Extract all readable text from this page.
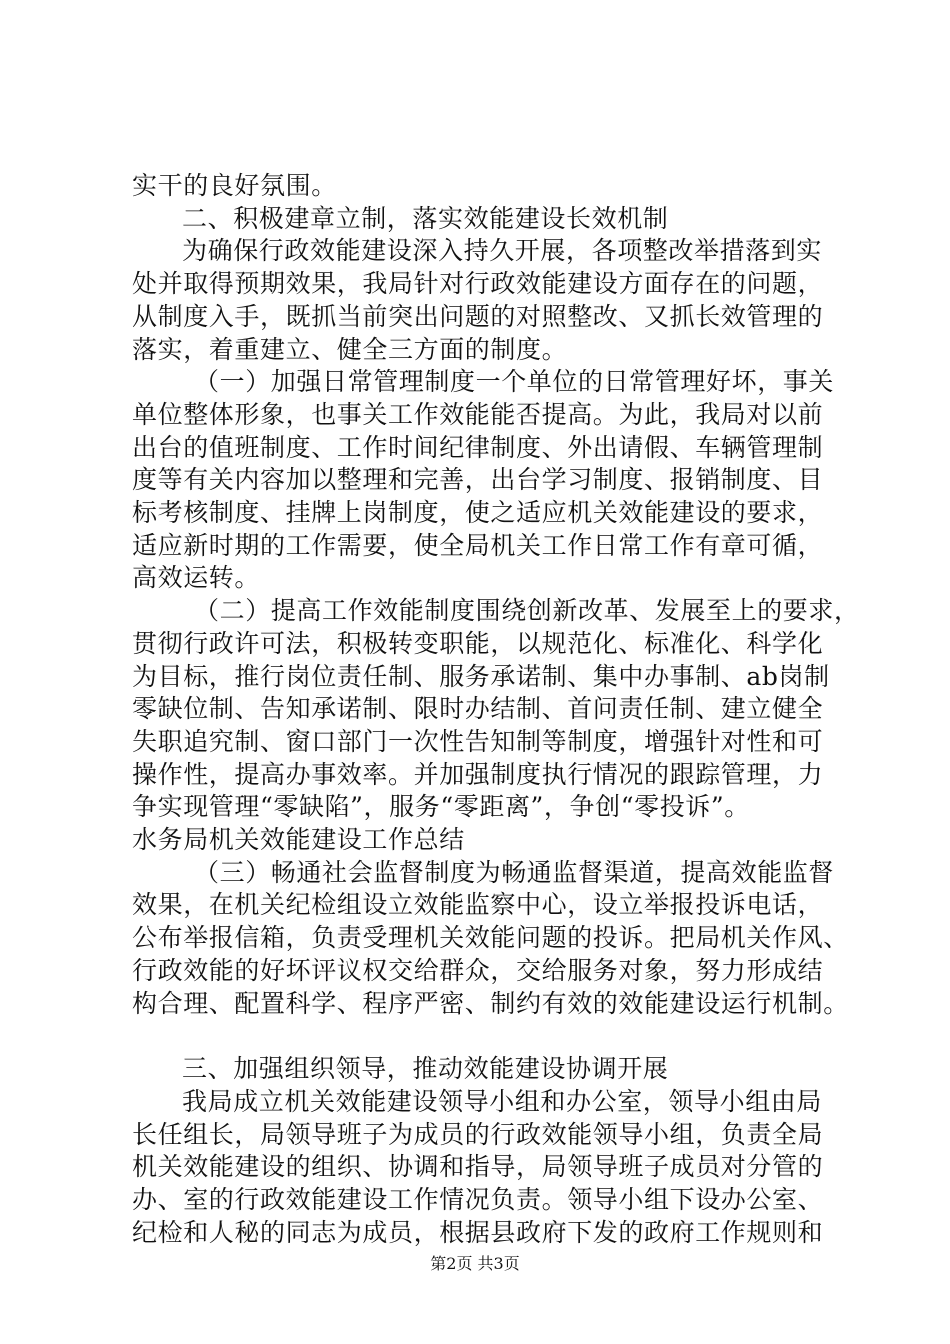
实干的良好氛围。
二、积极建章立制，落实效能建设长效机制
为确保行政效能建设深入持久开展，各项整改举措落到实
处并取得预期效果，我局针对行政效能建设方面存在的问题，
从制度入手，既抓当前突出问题的对照整改、又抓长效管理的
落实，着重建立、健全三方面的制度。
（一）加强日常管理制度一个单位的日常管理好坏，事关
单位整体形象，也事关工作效能能否提高。为此，我局对以前
出台的值班制度、工作时间纪律制度、外出请假、车辆管理制
度等有关内容加以整理和完善，出台学习制度、报销制度、目
标考核制度、挂牌上岗制度，使之适应机关效能建设的要求，
适应新时期的工作需要，使全局机关工作日常工作有章可循，
高效运转。
（二）提高工作效能制度围绕创新改革、发展至上的要求，
贯彻行政许可法，积极转变职能，以规范化、标准化、科学化
为目标，推行岗位责任制、服务承诺制、集中办事制、ab岗制
零缺位制、告知承诺制、限时办结制、首问责任制、建立健全
失职追究制、窗口部门一次性告知制等制度，增强针对性和可
操作性，提高办事效率。并加强制度执行情况的跟踪管理，力
争实现管理“零缺陷”，服务“零距离”，争创“零投诉”。
水务局机关效能建设工作总结
（三）畅通社会监督制度为畅通监督渠道，提高效能监督
效果，在机关纪检组设立效能监察中心，设立举报投诉电话，
公布举报信箱，负责受理机关效能问题的投诉。把局机关作风、
行政效能的好坏评议权交给群众，交给服务对象，努力形成结
构合理、配置科学、程序严密、制约有效的效能建设运行机制。
三、加强组织领导，推动效能建设协调开展
我局成立机关效能建设领导小组和办公室，领导小组由局
长任组长，局领导班子为成员的行政效能领导小组，负责全局
机关效能建设的组织、协调和指导，局领导班子成员对分管的
办、室的行政效能建设工作情况负责。领导小组下设办公室、
纪检和人秘的同志为成员，根据县政府下发的政府工作规则和
第2页 共3页
